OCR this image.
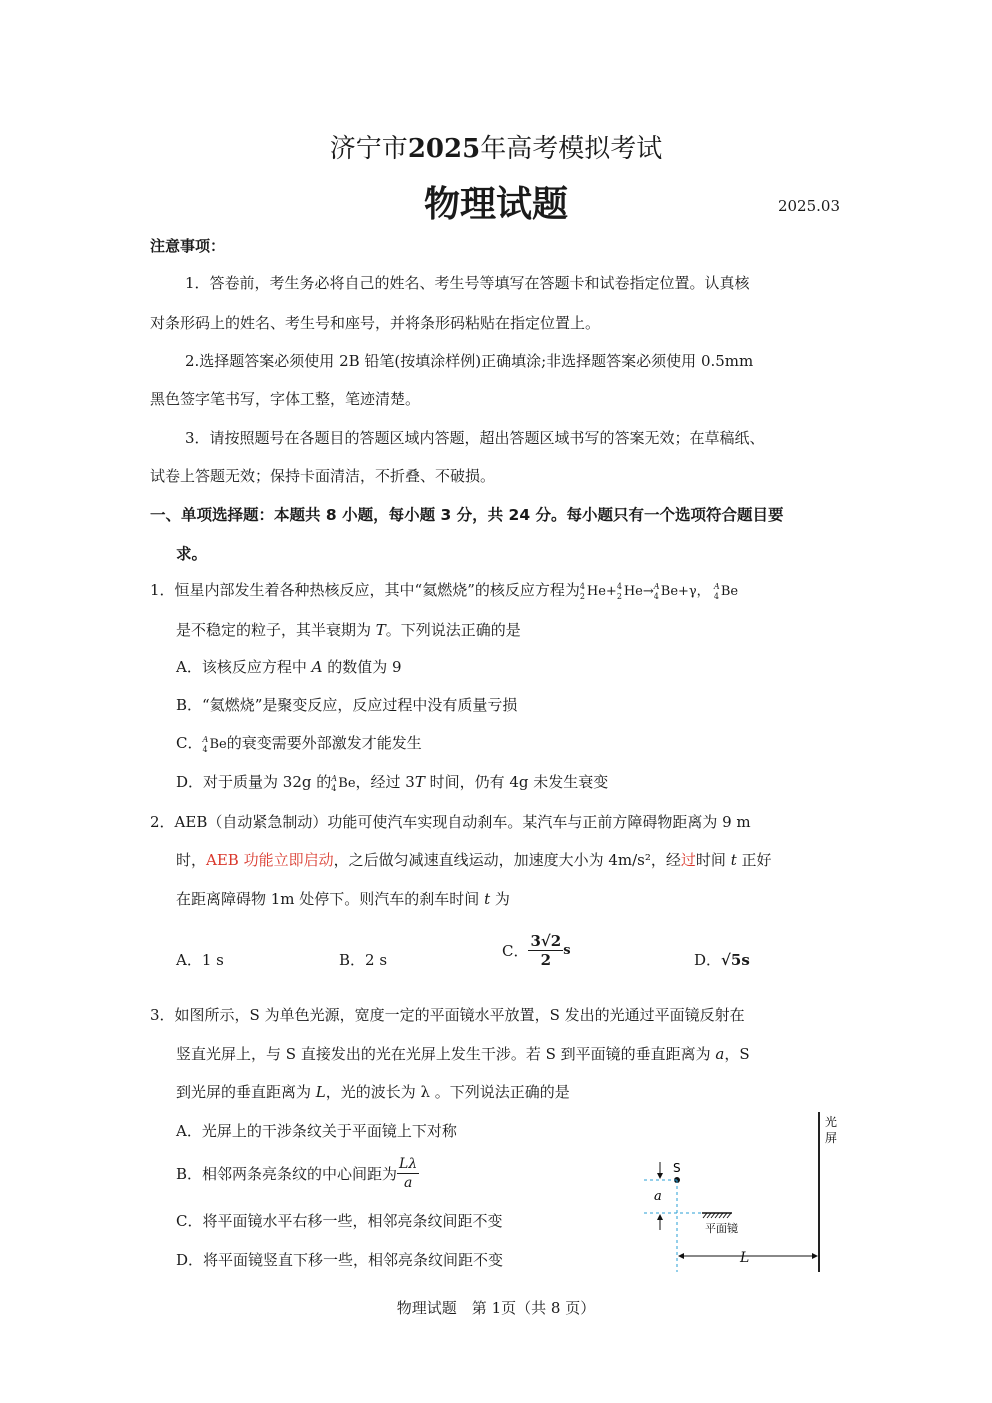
济宁市2025年高考模拟考试
物理试题	2025.03
注意事项：
1．答卷前，考生务必将自己的姓名、考生号等填写在答题卡和试卷指定位置。认真核
对条形码上的姓名、考生号和座号，并将条形码粘贴在指定位置上。
2.选择题答案必须使用 2B 铅笔(按填涂样例)正确填涂;非选择题答案必须使用 0.5mm
黑色签字笔书写，字体工整，笔迹清楚。
3．请按照题号在各题目的答题区域内答题，超出答题区域书写的答案无效；在草稿纸、
试卷上答题无效；保持卡面清洁，不折叠、不破损。
一、单项选择题：本题共 8 小题，每小题 3 分，共 24 分。每小题只有一个选项符合题目要
求。
1．恒星内部发生着各种热核反应，其中“氦燃烧”的核反应方程为 4
2 He+ 4
2 He→ A
4 Be+γ， A
4 Be
是不稳定的粒子，其半衰期为 T。下列说法正确的是
A．该核反应方程中 A 的数值为 9
B．“氦燃烧”是聚变反应，反应过程中没有质量亏损
C． A
4 Be的衰变需要外部激发才能发生
D．对于质量为 32g 的 A
4 Be，经过 3T 时间，仍有 4g 未发生衰变
2．AEB（自动紧急制动）功能可使汽车实现自动刹车。某汽车与正前方障碍物距离为 9 m
时，AEB 功能立即启动，之后做匀减速直线运动，加速度大小为 4m/s²，经过时间 t 正好
在距离障碍物 1m 处停下。则汽车的刹车时间 t 为
A．1 s	B．2 s	C． $\frac{3√2}{2}$ s
D．√5s
3．如图所示，S 为单色光源，宽度一定的平面镜水平放置，S 发出的光通过平面镜反射在
竖直光屏上，与 S 直接发出的光在光屏上发生干涉。若 S 到平面镜的垂直距离为 a，S
到光屏的垂直距离为 L，光的波长为 λ 。下列说法正确的是
A．光屏上的干涉条纹关于平面镜上下对称
B．相邻两条亮条纹的中心间距为 $\frac{L\lambda}{a}$
C．将平面镜水平右移一些，相邻亮条纹间距不变
D．将平面镜竖直下移一些，相邻亮条纹间距不变
光
屏
S
a
平面镜
L
物理试题　第 1页（共 8 页）
